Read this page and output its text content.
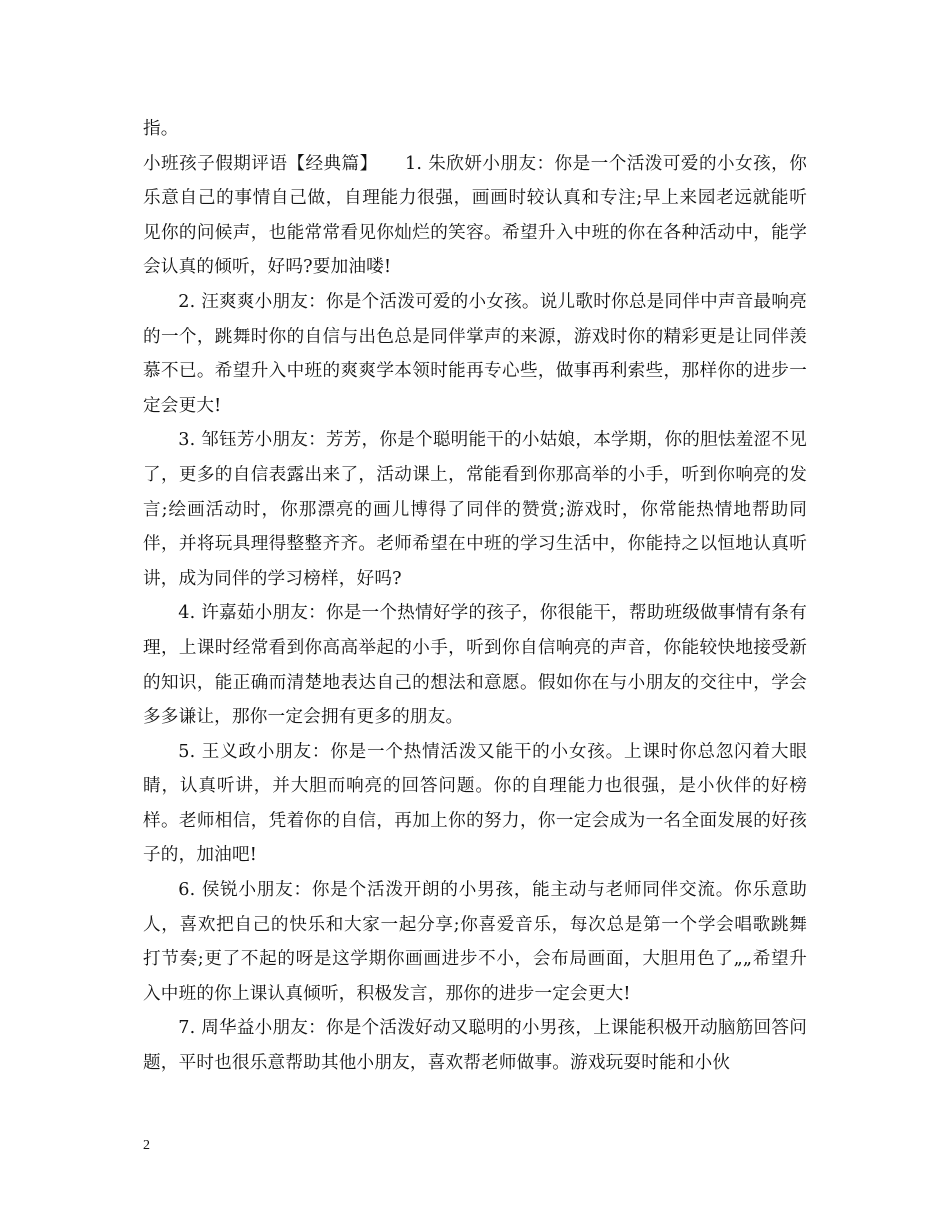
指。

小班孩子假期评语【经典篇】　　1. 朱欣妍小朋友：你是一个活泼可爱的小女孩，你乐意自己的事情自己做，自理能力很强，画画时较认真和专注;早上来园老远就能听见你的问候声，也能常常看见你灿烂的笑容。希望升入中班的你在各种活动中，能学会认真的倾听，好吗?要加油喽!

2. 汪爽爽小朋友：你是个活泼可爱的小女孩。说儿歌时你总是同伴中声音最响亮的一个，跳舞时你的自信与出色总是同伴掌声的来源，游戏时你的精彩更是让同伴羡慕不已。希望升入中班的爽爽学本领时能再专心些，做事再利索些，那样你的进步一定会更大!

3. 邹钰芳小朋友：芳芳，你是个聪明能干的小姑娘，本学期，你的胆怯羞涩不见了，更多的自信表露出来了，活动课上，常能看到你那高举的小手，听到你响亮的发言;绘画活动时，你那漂亮的画儿博得了同伴的赞赏;游戏时，你常能热情地帮助同伴，并将玩具理得整整齐齐。老师希望在中班的学习生活中，你能持之以恒地认真听讲，成为同伴的学习榜样，好吗?

4. 许嘉茹小朋友：你是一个热情好学的孩子，你很能干，帮助班级做事情有条有理，上课时经常看到你高高举起的小手，听到你自信响亮的声音，你能较快地接受新的知识，能正确而清楚地表达自己的想法和意愿。假如你在与小朋友的交往中，学会多多谦让，那你一定会拥有更多的朋友。

5. 王义政小朋友：你是一个热情活泼又能干的小女孩。上课时你总忽闪着大眼睛，认真听讲，并大胆而响亮的回答问题。你的自理能力也很强，是小伙伴的好榜样。老师相信，凭着你的自信，再加上你的努力，你一定会成为一名全面发展的好孩子的，加油吧!

6. 侯锐小朋友：你是个活泼开朗的小男孩，能主动与老师同伴交流。你乐意助人，喜欢把自己的快乐和大家一起分享;你喜爱音乐，每次总是第一个学会唱歌跳舞打节奏;更了不起的呀是这学期你画画进步不小，会布局画面，大胆用色了„„希望升入中班的你上课认真倾听，积极发言，那你的进步一定会更大!

7. 周华益小朋友：你是个活泼好动又聪明的小男孩，上课能积极开动脑筋回答问题，平时也很乐意帮助其他小朋友，喜欢帮老师做事。游戏玩耍时能和小伙

2
